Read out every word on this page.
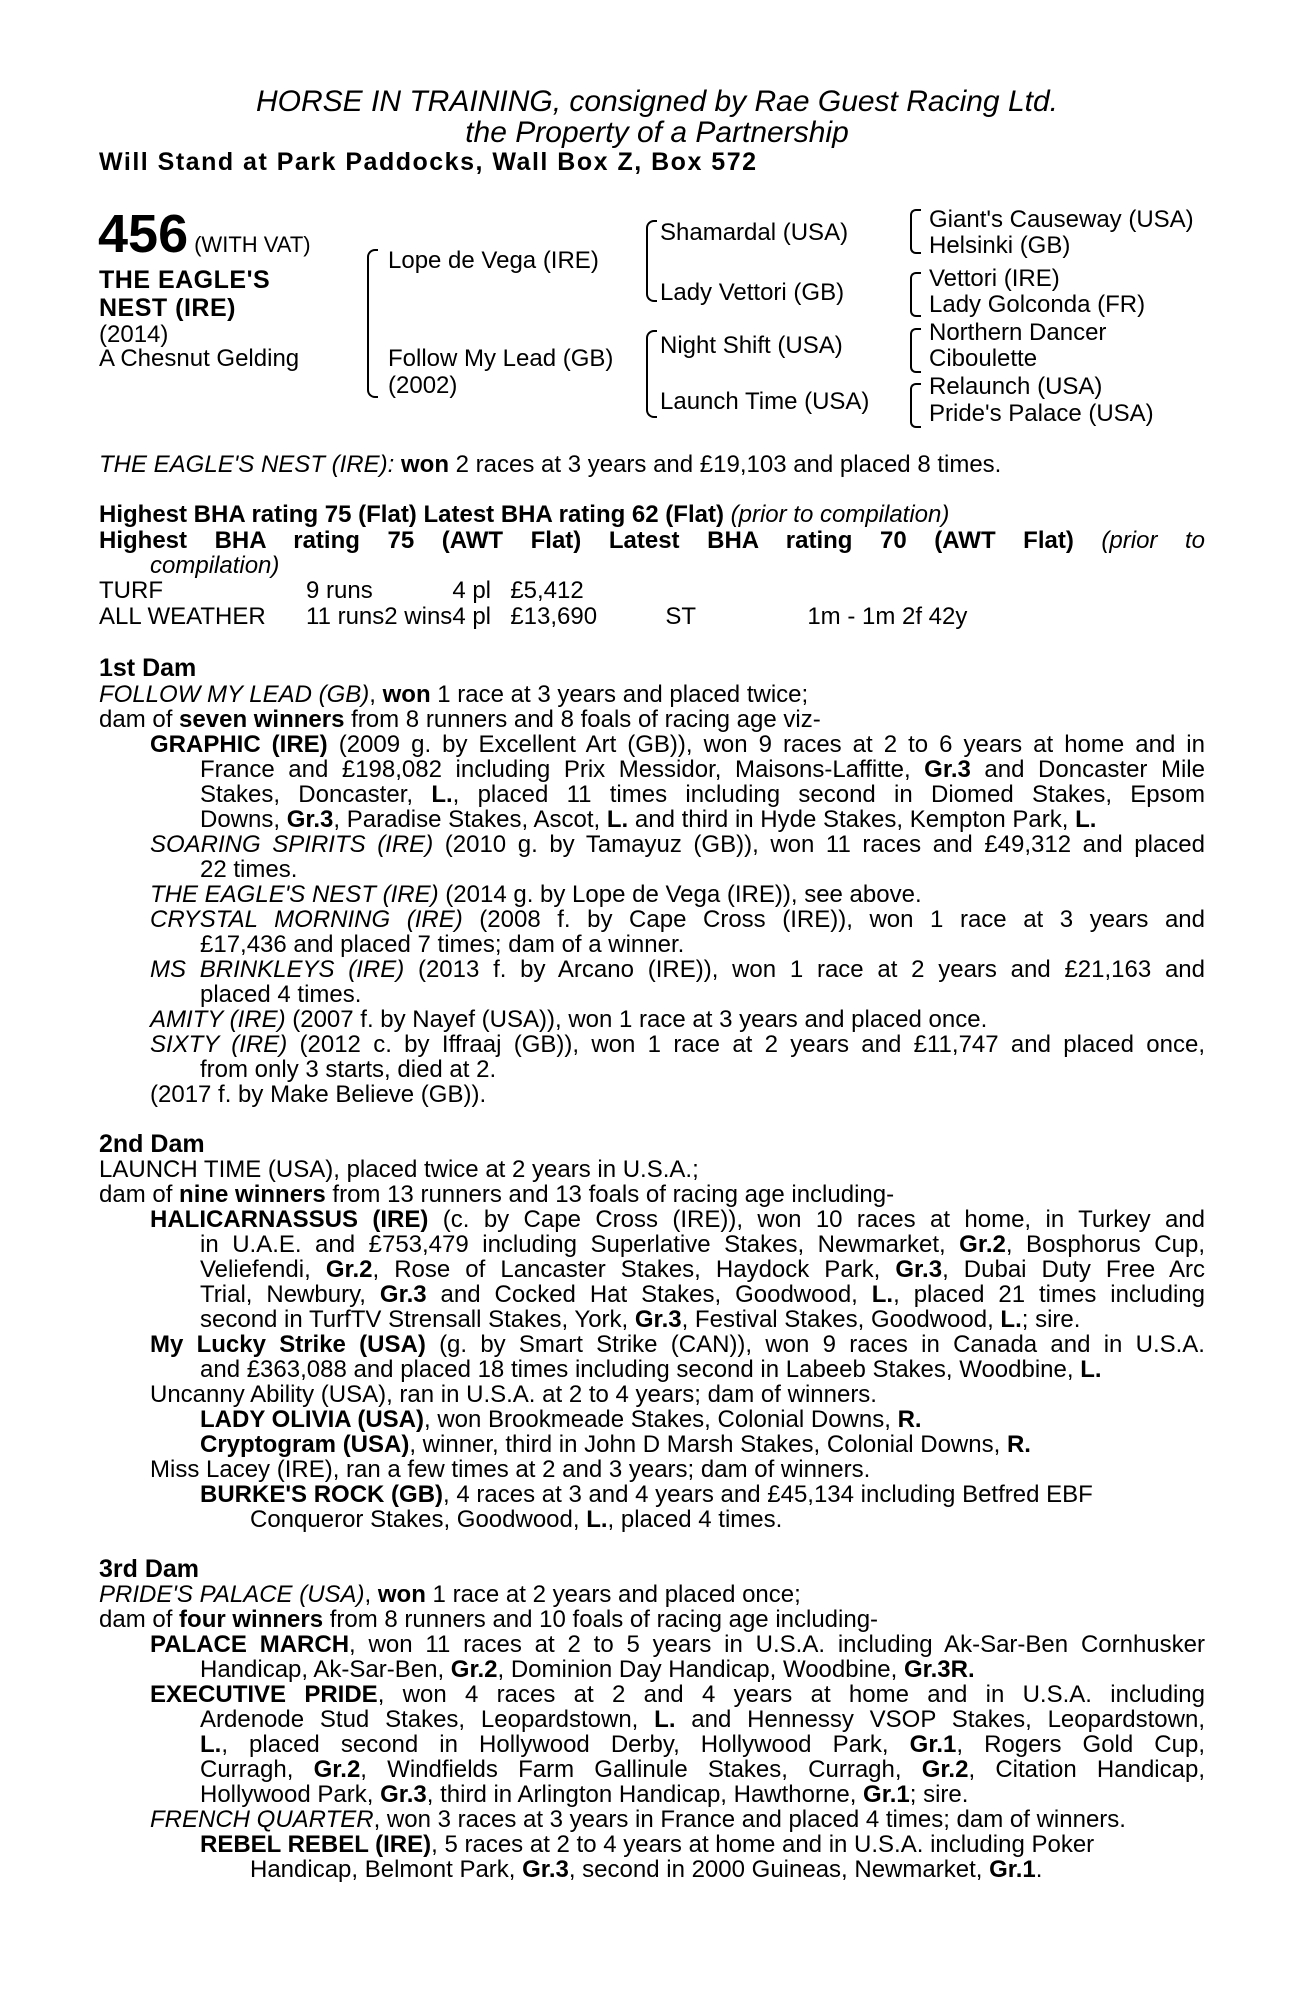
HORSE IN TRAINING, consigned by Rae Guest Racing Ltd.
the Property of a Partnership
Will Stand at Park Paddocks, Wall Box Z, Box 572
456 (WITH VAT)
THE EAGLE'S
NEST (IRE)
(2014)
A Chesnut Gelding
Lope de Vega (IRE)
Follow My Lead (GB)
(2002)
Shamardal (USA)
Lady Vettori (GB)
Night Shift (USA)
Launch Time (USA)
Giant's Causeway (USA)
Helsinki (GB)
Vettori (IRE)
Lady Golconda (FR)
Northern Dancer
Ciboulette
Relaunch (USA)
Pride's Palace (USA)
THE EAGLE'S NEST (IRE): won 2 races at 3 years and £19,103 and placed 8 times.
Highest BHA rating 75 (Flat) Latest BHA rating 62 (Flat) (prior to compilation)
Highest BHA rating 75 (AWT Flat) Latest BHA rating 70 (AWT Flat) (prior to
compilation)
TURF	9 runs		4 pl	£5,412		
ALL WEATHER	11 runs	2 wins	4 pl	£13,690	ST	1m - 1m 2f 42y
1st Dam
FOLLOW MY LEAD (GB), won 1 race at 3 years and placed twice;
dam of seven winners from 8 runners and 8 foals of racing age viz-
GRAPHIC (IRE) (2009 g. by Excellent Art (GB)), won 9 races at 2 to 6 years at home and in
France and £198,082 including Prix Messidor, Maisons-Laffitte, Gr.3 and Doncaster Mile
Stakes, Doncaster, L., placed 11 times including second in Diomed Stakes, Epsom
Downs, Gr.3, Paradise Stakes, Ascot, L. and third in Hyde Stakes, Kempton Park, L.
SOARING SPIRITS (IRE) (2010 g. by Tamayuz (GB)), won 11 races and £49,312 and placed
22 times.
THE EAGLE'S NEST (IRE) (2014 g. by Lope de Vega (IRE)), see above.
CRYSTAL MORNING (IRE) (2008 f. by Cape Cross (IRE)), won 1 race at 3 years and
£17,436 and placed 7 times; dam of a winner.
MS BRINKLEYS (IRE) (2013 f. by Arcano (IRE)), won 1 race at 2 years and £21,163 and
placed 4 times.
AMITY (IRE) (2007 f. by Nayef (USA)), won 1 race at 3 years and placed once.
SIXTY (IRE) (2012 c. by Iffraaj (GB)), won 1 race at 2 years and £11,747 and placed once,
from only 3 starts, died at 2.
(2017 f. by Make Believe (GB)).
2nd Dam
LAUNCH TIME (USA), placed twice at 2 years in U.S.A.;
dam of nine winners from 13 runners and 13 foals of racing age including-
HALICARNASSUS (IRE) (c. by Cape Cross (IRE)), won 10 races at home, in Turkey and
in U.A.E. and £753,479 including Superlative Stakes, Newmarket, Gr.2, Bosphorus Cup,
Veliefendi, Gr.2, Rose of Lancaster Stakes, Haydock Park, Gr.3, Dubai Duty Free Arc
Trial, Newbury, Gr.3 and Cocked Hat Stakes, Goodwood, L., placed 21 times including
second in TurfTV Strensall Stakes, York, Gr.3, Festival Stakes, Goodwood, L.; sire.
My Lucky Strike (USA) (g. by Smart Strike (CAN)), won 9 races in Canada and in U.S.A.
and £363,088 and placed 18 times including second in Labeeb Stakes, Woodbine, L.
Uncanny Ability (USA), ran in U.S.A. at 2 to 4 years; dam of winners.
LADY OLIVIA (USA), won Brookmeade Stakes, Colonial Downs, R.
Cryptogram (USA), winner, third in John D Marsh Stakes, Colonial Downs, R.
Miss Lacey (IRE), ran a few times at 2 and 3 years; dam of winners.
BURKE'S ROCK (GB), 4 races at 3 and 4 years and £45,134 including Betfred EBF
Conqueror Stakes, Goodwood, L., placed 4 times.
3rd Dam
PRIDE'S PALACE (USA), won 1 race at 2 years and placed once;
dam of four winners from 8 runners and 10 foals of racing age including-
PALACE MARCH, won 11 races at 2 to 5 years in U.S.A. including Ak-Sar-Ben Cornhusker
Handicap, Ak-Sar-Ben, Gr.2, Dominion Day Handicap, Woodbine, Gr.3R.
EXECUTIVE PRIDE, won 4 races at 2 and 4 years at home and in U.S.A. including
Ardenode Stud Stakes, Leopardstown, L. and Hennessy VSOP Stakes, Leopardstown,
L., placed second in Hollywood Derby, Hollywood Park, Gr.1, Rogers Gold Cup,
Curragh, Gr.2, Windfields Farm Gallinule Stakes, Curragh, Gr.2, Citation Handicap,
Hollywood Park, Gr.3, third in Arlington Handicap, Hawthorne, Gr.1; sire.
FRENCH QUARTER, won 3 races at 3 years in France and placed 4 times; dam of winners.
REBEL REBEL (IRE), 5 races at 2 to 4 years at home and in U.S.A. including Poker
Handicap, Belmont Park, Gr.3, second in 2000 Guineas, Newmarket, Gr.1.
